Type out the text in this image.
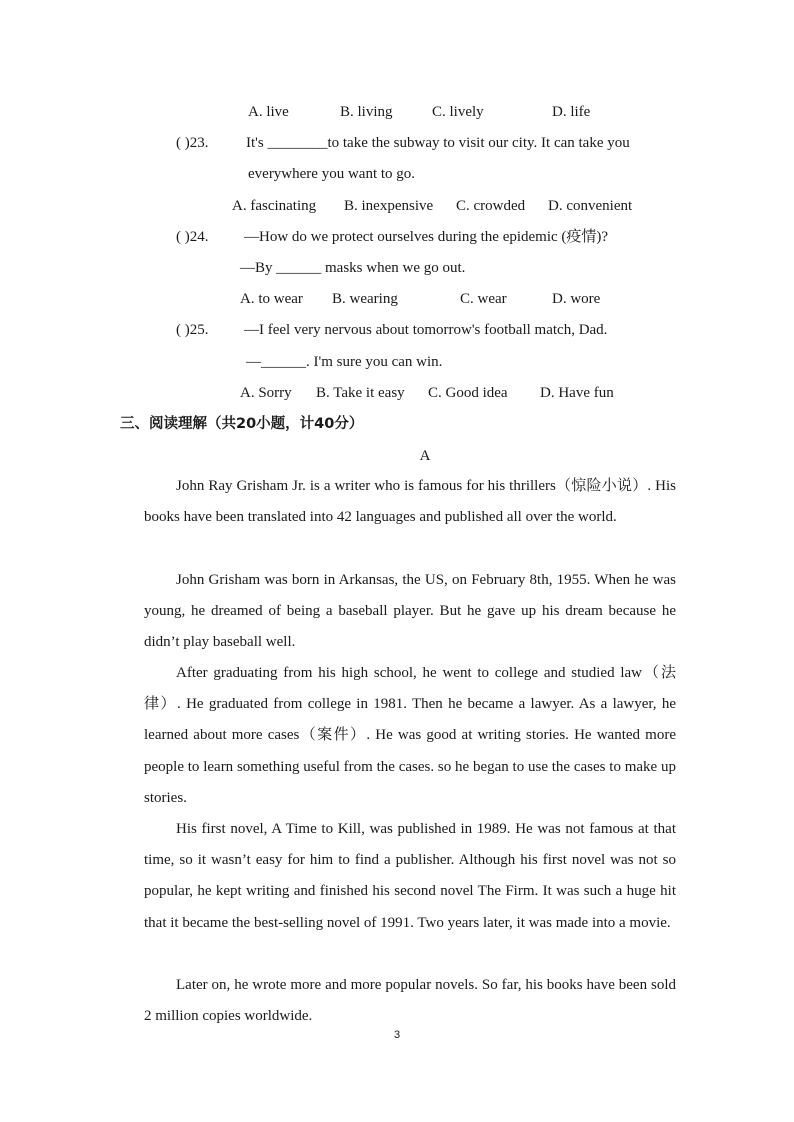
A. live	B. living	C. lively	D. life
( )23.	It's ________to take the subway to visit our city. It can take you
everywhere you want to go.
A. fascinating B. inexpensive C. crowded D. convenient
( )24. —How do we protect ourselves during the epidemic (疫情)?
—By ______ masks when we go out.
A. to wear B. wearing	C. wear	D. wore
( )25. —I feel very nervous about tomorrow's football match, Dad.
—______. I'm sure you can win.
A. Sorry B. Take it easy C. Good idea D. Have fun
三、阅读理解（共20小题，计40分）
A

John Ray Grisham Jr. is a writer who is famous for his thrillers（惊险小说）. His books have been translated into 42 languages and published all over the world.

John Grisham was born in Arkansas, the US, on February 8th, 1955. When he was young, he dreamed of being a baseball player. But he gave up his dream because he didn’t play baseball well.

After graduating from his high school, he went to college and studied law（法律）. He graduated from college in 1981. Then he became a lawyer. As a lawyer, he learned about more cases（案件）. He was good at writing stories. He wanted more people to learn something useful from the cases. so he began to use the cases to make up stories.

His first novel, A Time to Kill, was published in 1989. He was not famous at that time, so it wasn’t easy for him to find a publisher. Although his first novel was not so popular, he kept writing and finished his second novel The Firm. It was such a huge hit that it became the best-selling novel of 1991. Two years later, it was made into a movie.

Later on, he wrote more and more popular novels. So far, his books have been sold 2 million copies worldwide.

3
